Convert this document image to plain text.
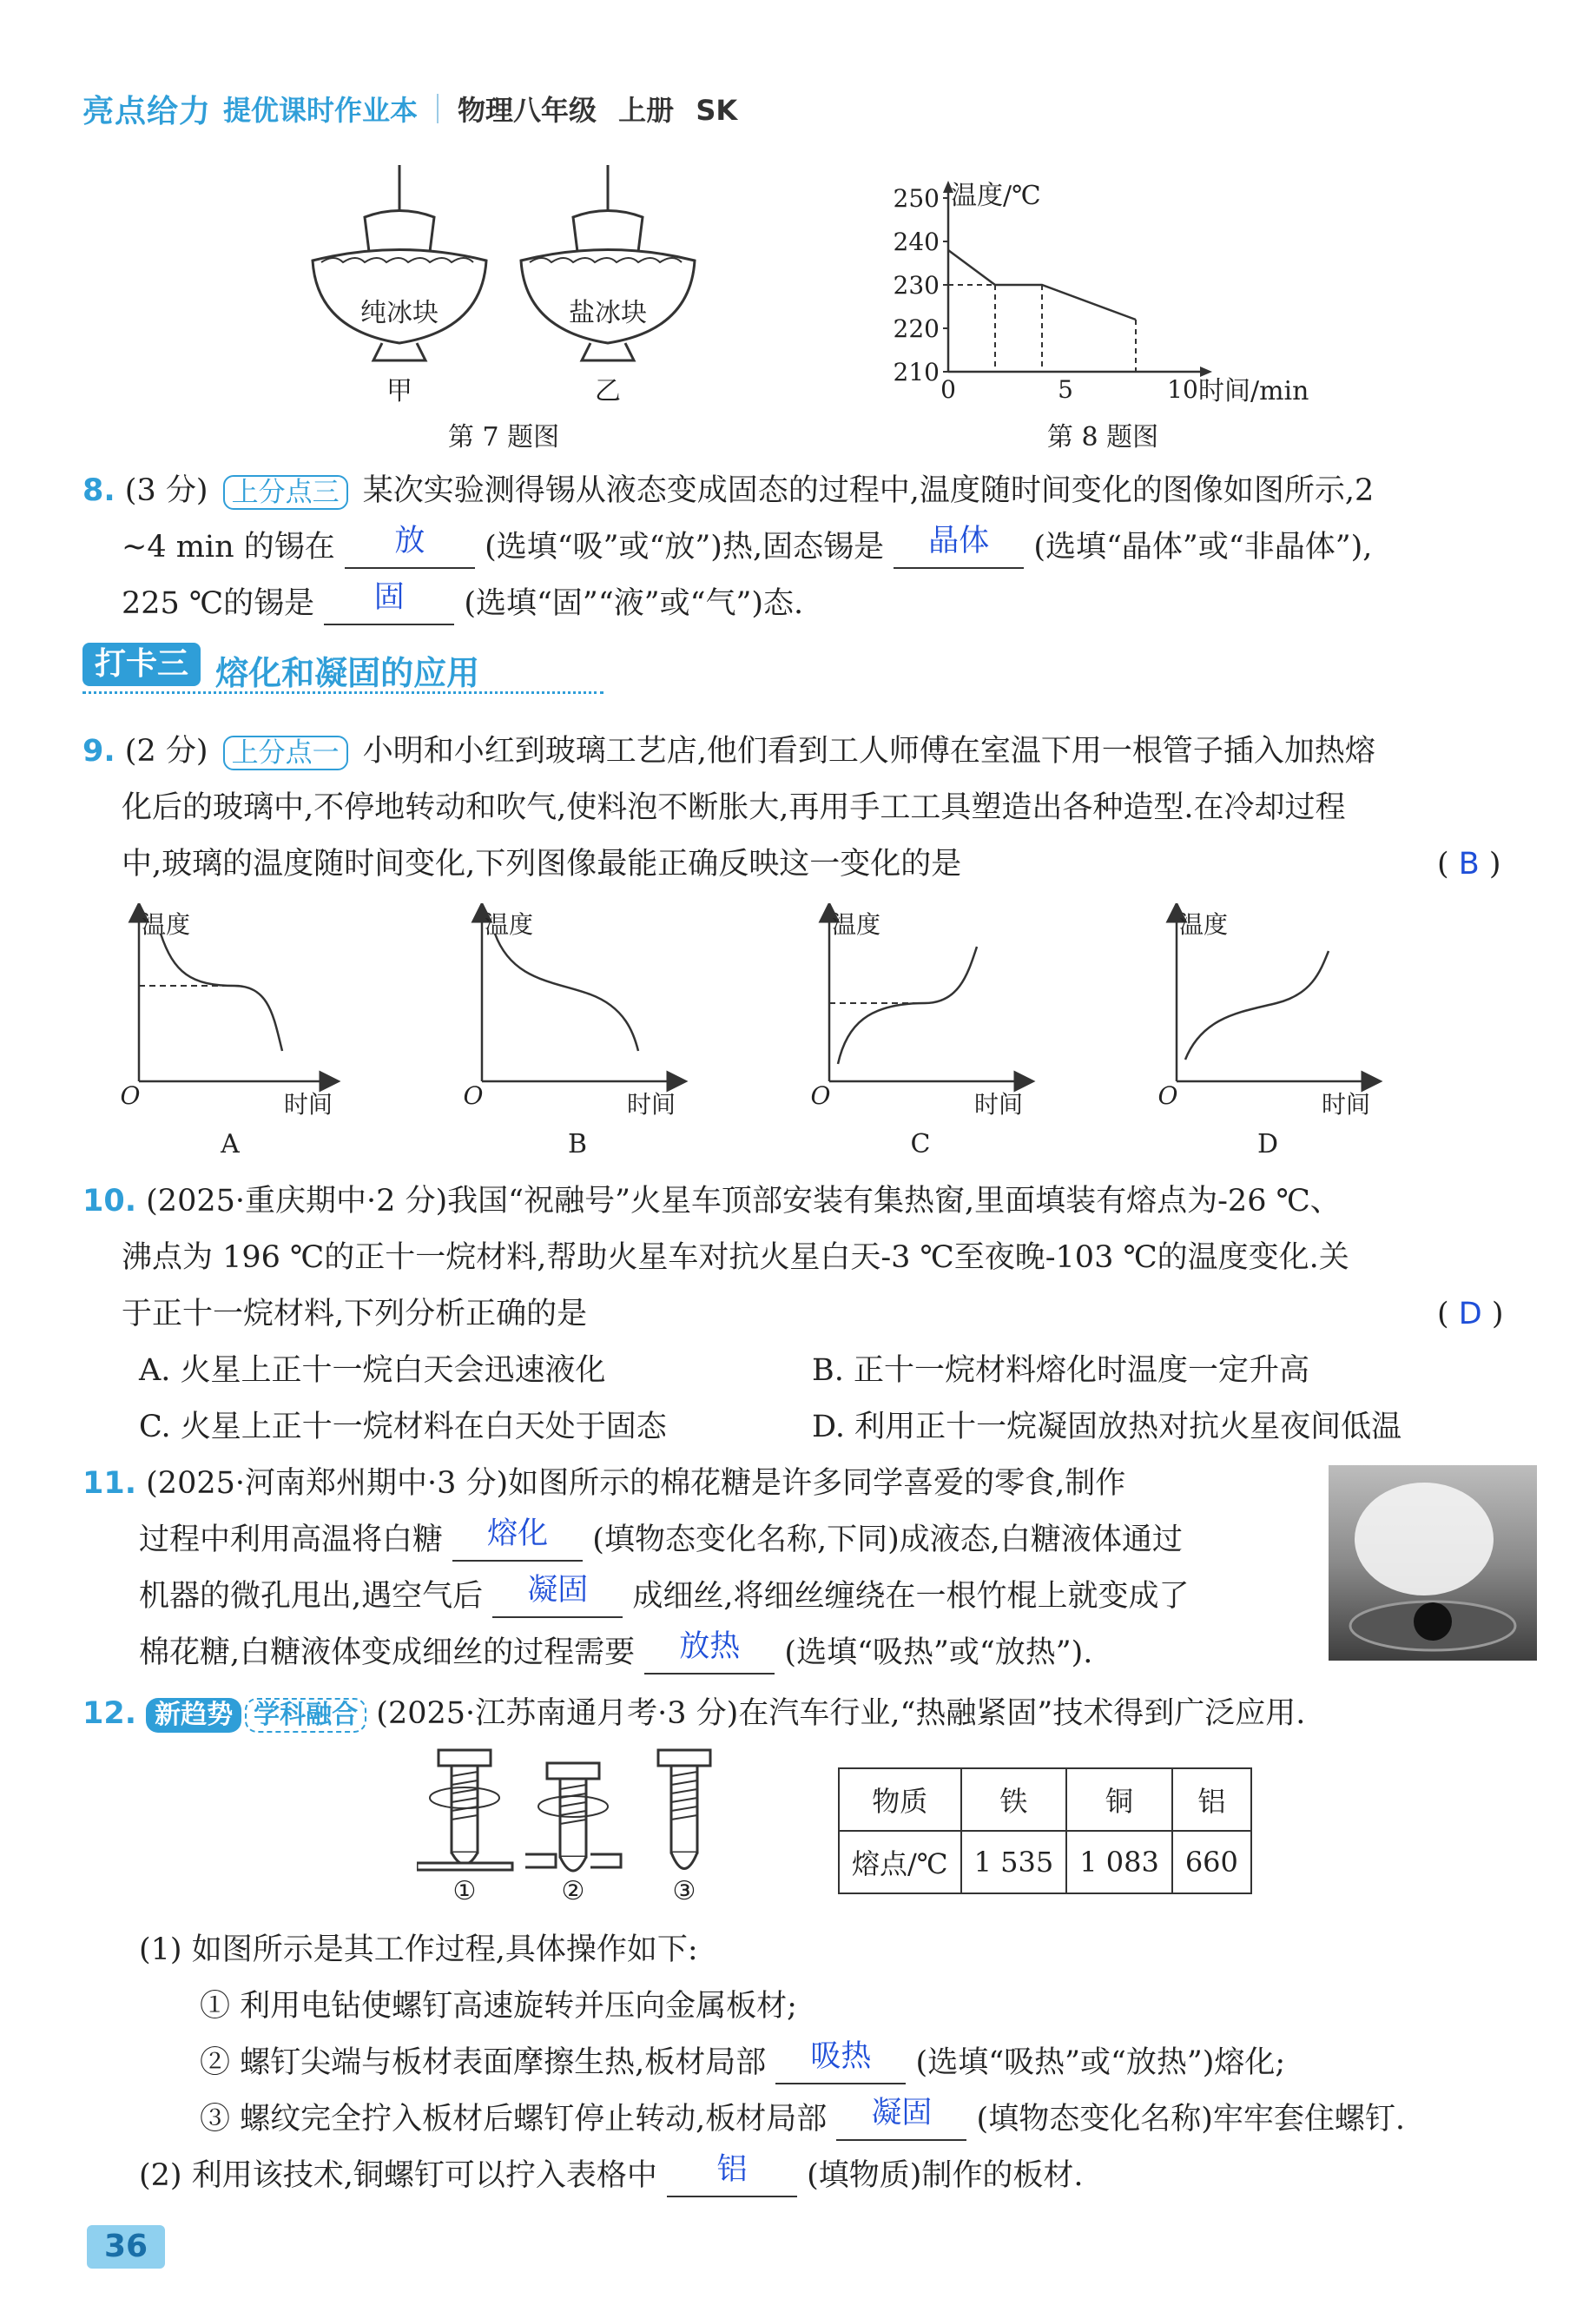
亮点给力 提优课时作业本 物理八年级 上册 SK
纯冰块	盐冰块
甲	乙
第 7 题图
250
240
230
220
210
0	5	10
温度/℃
时间/min
第 8 题图
8. (3 分) 上分点三 某次实验测得锡从液态变成固态的过程中,温度随时间变化的图像如图所示,2
~4 min 的锡在 放 (选填“吸”或“放”)热,固态锡是 晶体 (选填“晶体”或“非晶体”),
225 ℃的锡是 固 (选填“固”“液”或“气”)态.
打卡三 熔化和凝固的应用
9. (2 分) 上分点一 小明和小红到玻璃工艺店,他们看到工人师傅在室温下用一根管子插入加热熔
化后的玻璃中,不停地转动和吹气,使料泡不断胀大,再用手工工具塑造出各种造型.在冷却过程
中,玻璃的温度随时间变化,下列图像最能正确反映这一变化的是	( B )
温度	温度	温度	温度
O	O	O	O
时间	时间	时间	时间
A	B	C	D
10. (2025·重庆期中·2 分)我国“祝融号”火星车顶部安装有集热窗,里面填装有熔点为-26 ℃、
沸点为 196 ℃的正十一烷材料,帮助火星车对抗火星白天-3 ℃至夜晚-103 ℃的温度变化.关
于正十一烷材料,下列分析正确的是	( D )
A. 火星上正十一烷白天会迅速液化	B. 正十一烷材料熔化时温度一定升高
C. 火星上正十一烷材料在白天处于固态	D. 利用正十一烷凝固放热对抗火星夜间低温
11. (2025·河南郑州期中·3 分)如图所示的棉花糖是许多同学喜爱的零食,制作
过程中利用高温将白糖 熔化 (填物态变化名称,下同)成液态,白糖液体通过
机器的微孔甩出,遇空气后 凝固 成细丝,将细丝缠绕在一根竹棍上就变成了
棉花糖,白糖液体变成细丝的过程需要 放热 (选填“吸热”或“放热”).
12. 新趋势 学科融合 (2025·江苏南通月考·3 分)在汽车行业,“热融紧固”技术得到广泛应用.
①	②	③
物质	铁	铜	铝
熔点/℃	1 535	1 083	660
(1) 如图所示是其工作过程,具体操作如下:
① 利用电钻使螺钉高速旋转并压向金属板材;
② 螺钉尖端与板材表面摩擦生热,板材局部 吸热 (选填“吸热”或“放热”)熔化;
③ 螺纹完全拧入板材后螺钉停止转动,板材局部 凝固 (填物态变化名称)牢牢套住螺钉.
(2) 利用该技术,铜螺钉可以拧入表格中 铝 (填物质)制作的板材.
36
